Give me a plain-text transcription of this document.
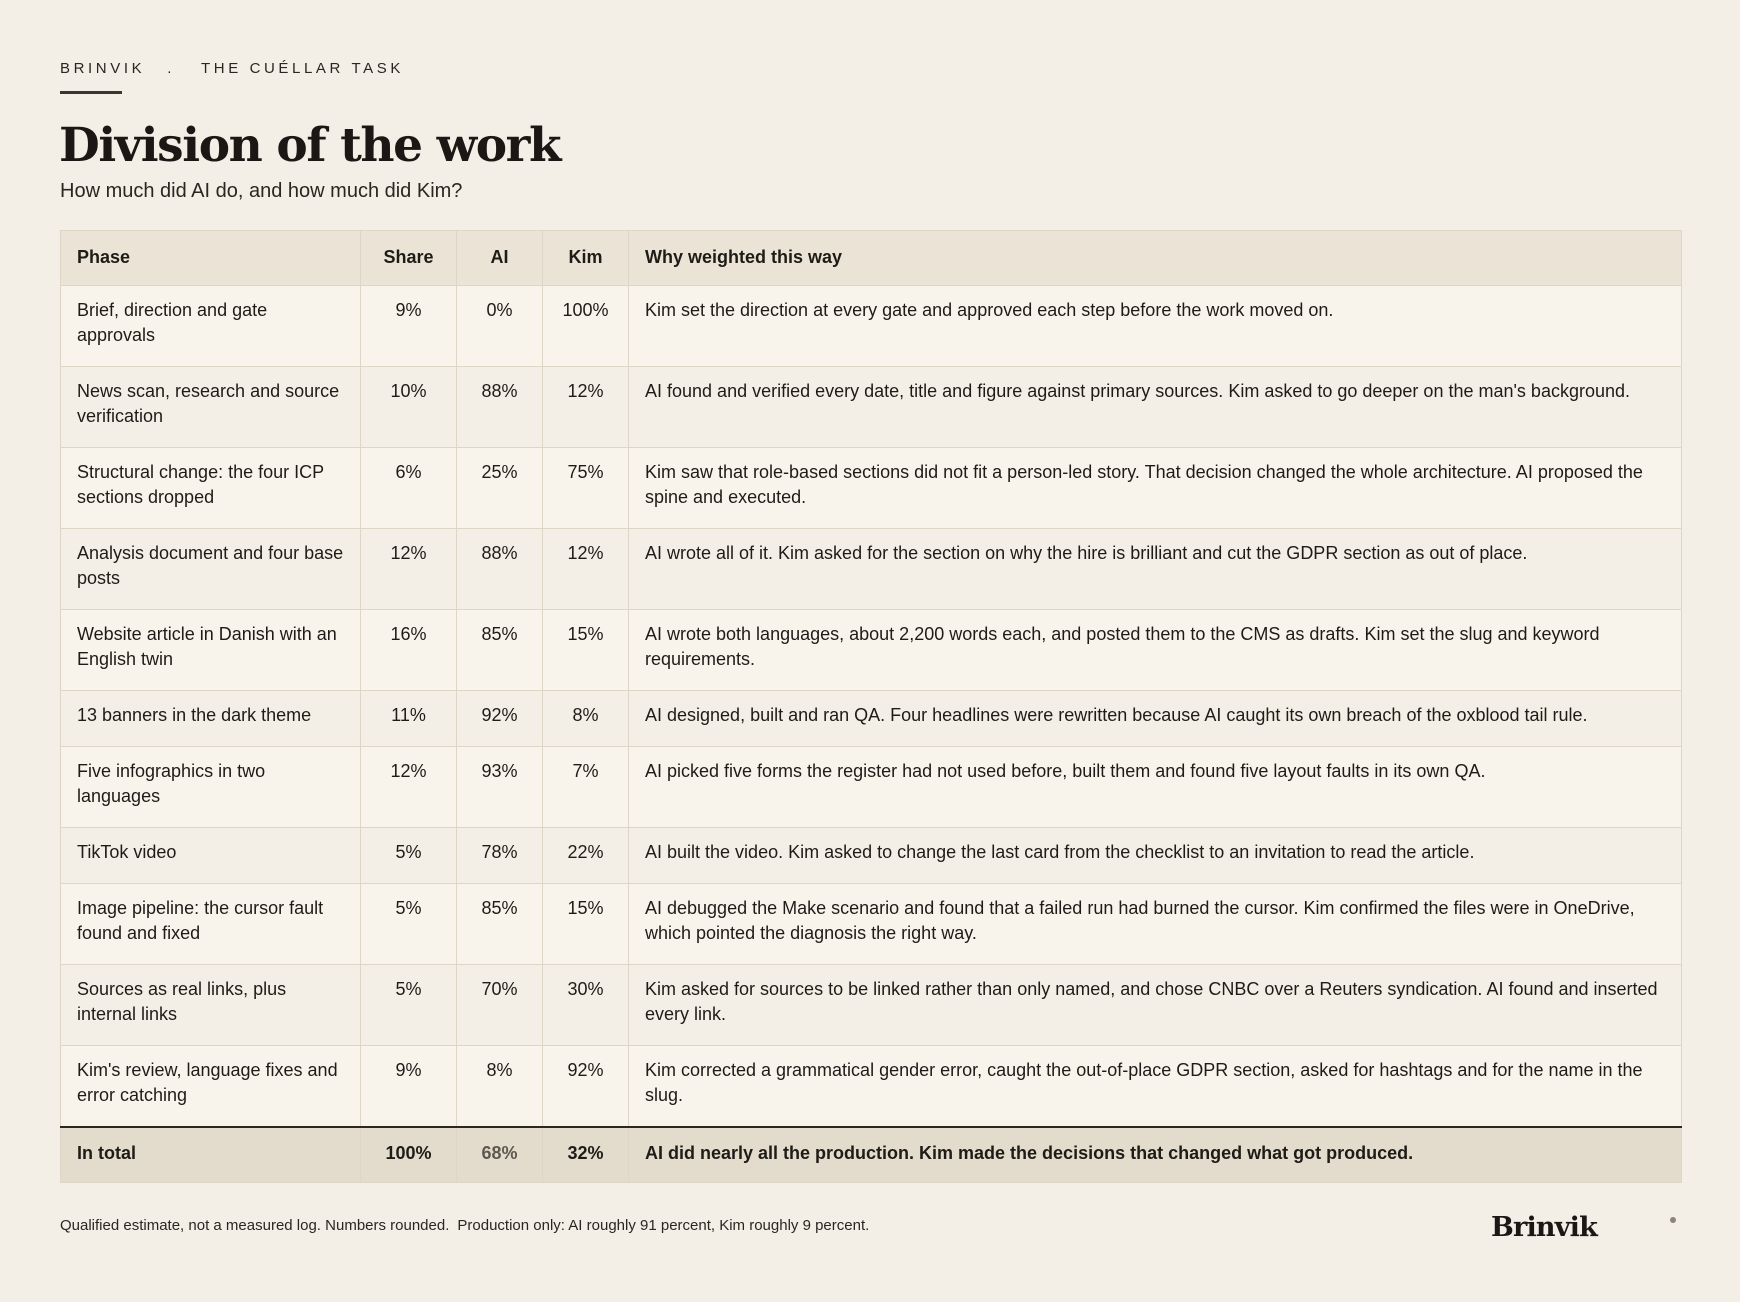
BRINVIK . THE CUÉLLAR TASK
Division of the work
How much did AI do, and how much did Kim?
Phase	Share	AI	Kim	Why weighted this way
Brief, direction and gate approvals	9%	0%	100%	Kim set the direction at every gate and approved each step before the work moved on.
News scan, research and source verification	10%	88%	12%	AI found and verified every date, title and figure against primary sources. Kim asked to go deeper on the man's background.
Structural change: the four ICP sections dropped	6%	25%	75%	Kim saw that role-based sections did not fit a person-led story. That decision changed the whole architecture. AI proposed the spine and executed.
Analysis document and four base posts	12%	88%	12%	AI wrote all of it. Kim asked for the section on why the hire is brilliant and cut the GDPR section as out of place.
Website article in Danish with an English twin	16%	85%	15%	AI wrote both languages, about 2,200 words each, and posted them to the CMS as drafts. Kim set the slug and keyword requirements.
13 banners in the dark theme	11%	92%	8%	AI designed, built and ran QA. Four headlines were rewritten because AI caught its own breach of the oxblood tail rule.
Five infographics in two languages	12%	93%	7%	AI picked five forms the register had not used before, built them and found five layout faults in its own QA.
TikTok video	5%	78%	22%	AI built the video. Kim asked to change the last card from the checklist to an invitation to read the article.
Image pipeline: the cursor fault found and fixed	5%	85%	15%	AI debugged the Make scenario and found that a failed run had burned the cursor. Kim confirmed the files were in OneDrive, which pointed the diagnosis the right way.
Sources as real links, plus internal links	5%	70%	30%	Kim asked for sources to be linked rather than only named, and chose CNBC over a Reuters syndication. AI found and inserted every link.
Kim's review, language fixes and error catching	9%	8%	92%	Kim corrected a grammatical gender error, caught the out-of-place GDPR section, asked for hashtags and for the name in the slug.
In total	100%	68%	32%	AI did nearly all the production. Kim made the decisions that changed what got produced.
Qualified estimate, not a measured log. Numbers rounded. Production only: AI roughly 91 percent, Kim roughly 9 percent.	Brinvik
